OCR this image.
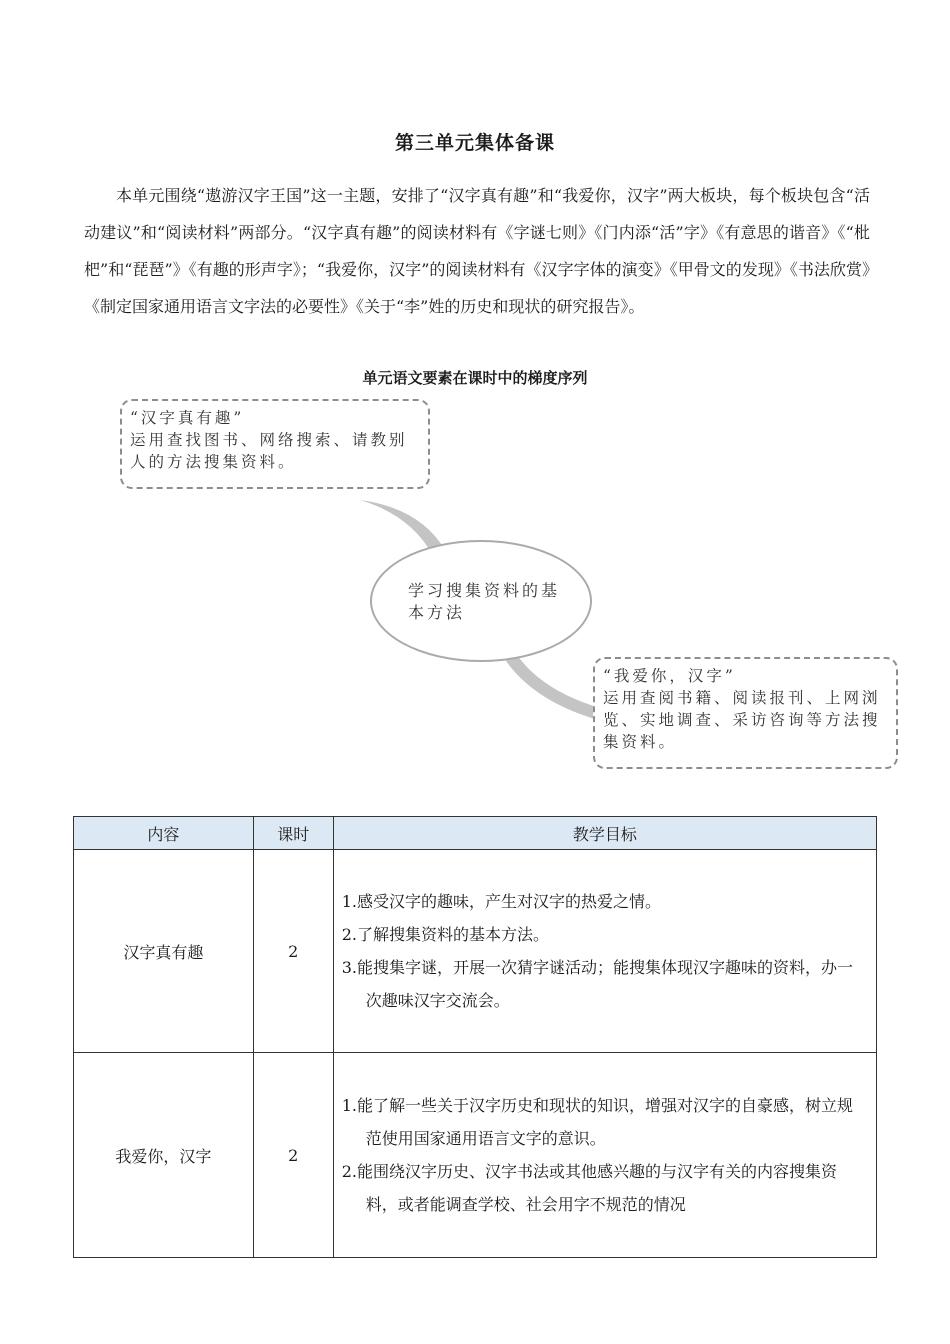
第三单元集体备课

本单元围绕“遨游汉字王国”这一主题，安排了“汉字真有趣”和“我爱你，汉字”两大板块，每个板块包含“活动建议”和“阅读材料”两部分。“汉字真有趣”的阅读材料有《字谜七则》《门内添“活”字》《有意思的谐音》《“枇杷”和“琵琶”》《有趣的形声字》；“我爱你，汉字”的阅读材料有《汉字字体的演变》《甲骨文的发现》《书法欣赏》《制定国家通用语言文字法的必要性》《关于“李”姓的历史和现状的研究报告》。

单元语文要素在课时中的梯度序列
“汉字真有趣”
运用查找图书、网络搜索、请教别人的方法搜集资料。
学习搜集资料的基本方法
“我爱你，汉字”
运用查阅书籍、阅读报刊、上网浏览、实地调查、采访咨询等方法搜集资料。
内容	课时	教学目标
汉字真有趣	2	1.感受汉字的趣味，产生对汉字的热爱之情。
2.了解搜集资料的基本方法。
3.能搜集字谜，开展一次猜字谜活动；能搜集体现汉字趣味的资料，办一次趣味汉字交流会。

我爱你，汉字	2	1.能了解一些关于汉字历史和现状的知识，增强对汉字的自豪感，树立规范使用国家通用语言文字的意识。
2.能围绕汉字历史、汉字书法或其他感兴趣的与汉字有关的内容搜集资料，或者能调查学校、社会用字不规范的情况
